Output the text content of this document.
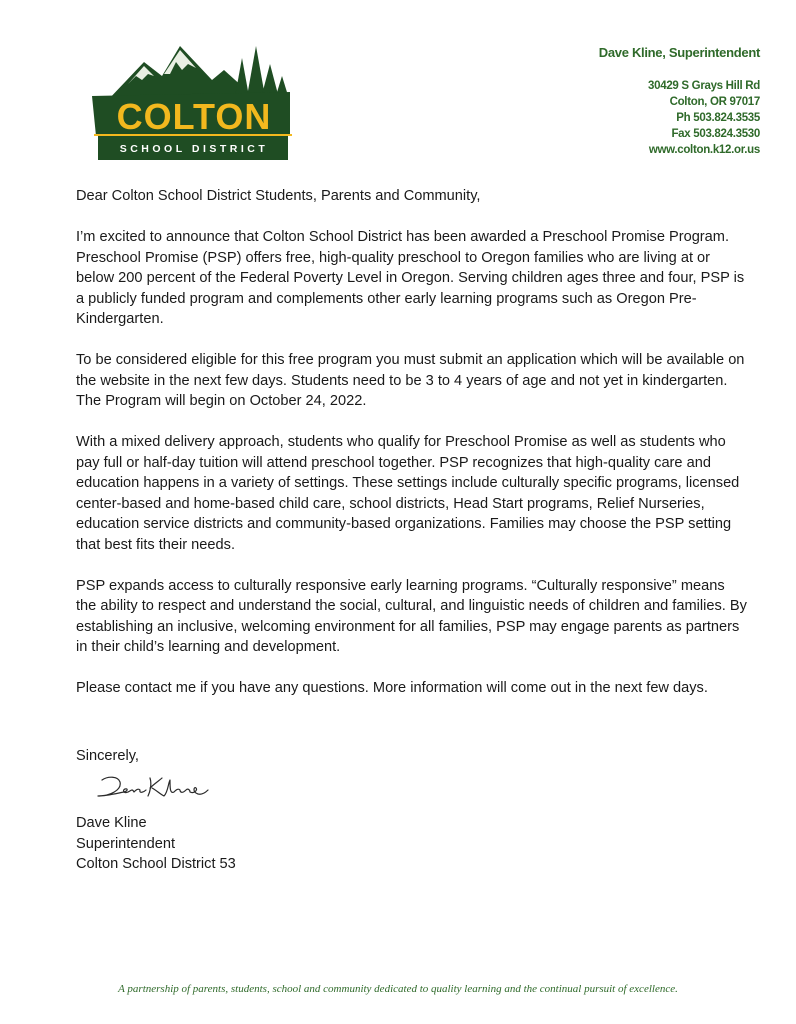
COLTON
SCHOOL DISTRICT
Dave Kline, Superintendent
30429 S Grays Hill Rd
Colton, OR 97017
Ph 503.824.3535
Fax 503.824.3530
www.colton.k12.or.us

Dear Colton School District Students, Parents and Community,

I’m excited to announce that Colton School District has been awarded a Preschool Promise Program. Preschool Promise (PSP) offers free, high-quality preschool to Oregon families who are living at or below 200 percent of the Federal Poverty Level in Oregon. Serving children ages three and four, PSP is a publicly funded program and complements other early learning programs such as Oregon Pre-Kindergarten.

To be considered eligible for this free program you must submit an application which will be available on the website in the next few days. Students need to be 3 to 4 years of age and not yet in kindergarten. The Program will begin on October 24, 2022.

With a mixed delivery approach, students who qualify for Preschool Promise as well as students who pay full or half-day tuition will attend preschool together. PSP recognizes that high-quality care and education happens in a variety of settings. These settings include culturally specific programs, licensed center-based and home-based child care, school districts, Head Start programs, Relief Nurseries, education service districts and community-based organizations. Families may choose the PSP setting that best fits their needs.

PSP expands access to culturally responsive early learning programs. “Culturally responsive” means the ability to respect and understand the social, cultural, and linguistic needs of children and families. By establishing an inclusive, welcoming environment for all families, PSP may engage parents as partners in their child’s learning and development.

Please contact me if you have any questions. More information will come out in the next few days.

Sincerely,
Dave Kline
Superintendent
Colton School District 53
A partnership of parents, students, school and community dedicated to quality learning and the continual pursuit of excellence.
